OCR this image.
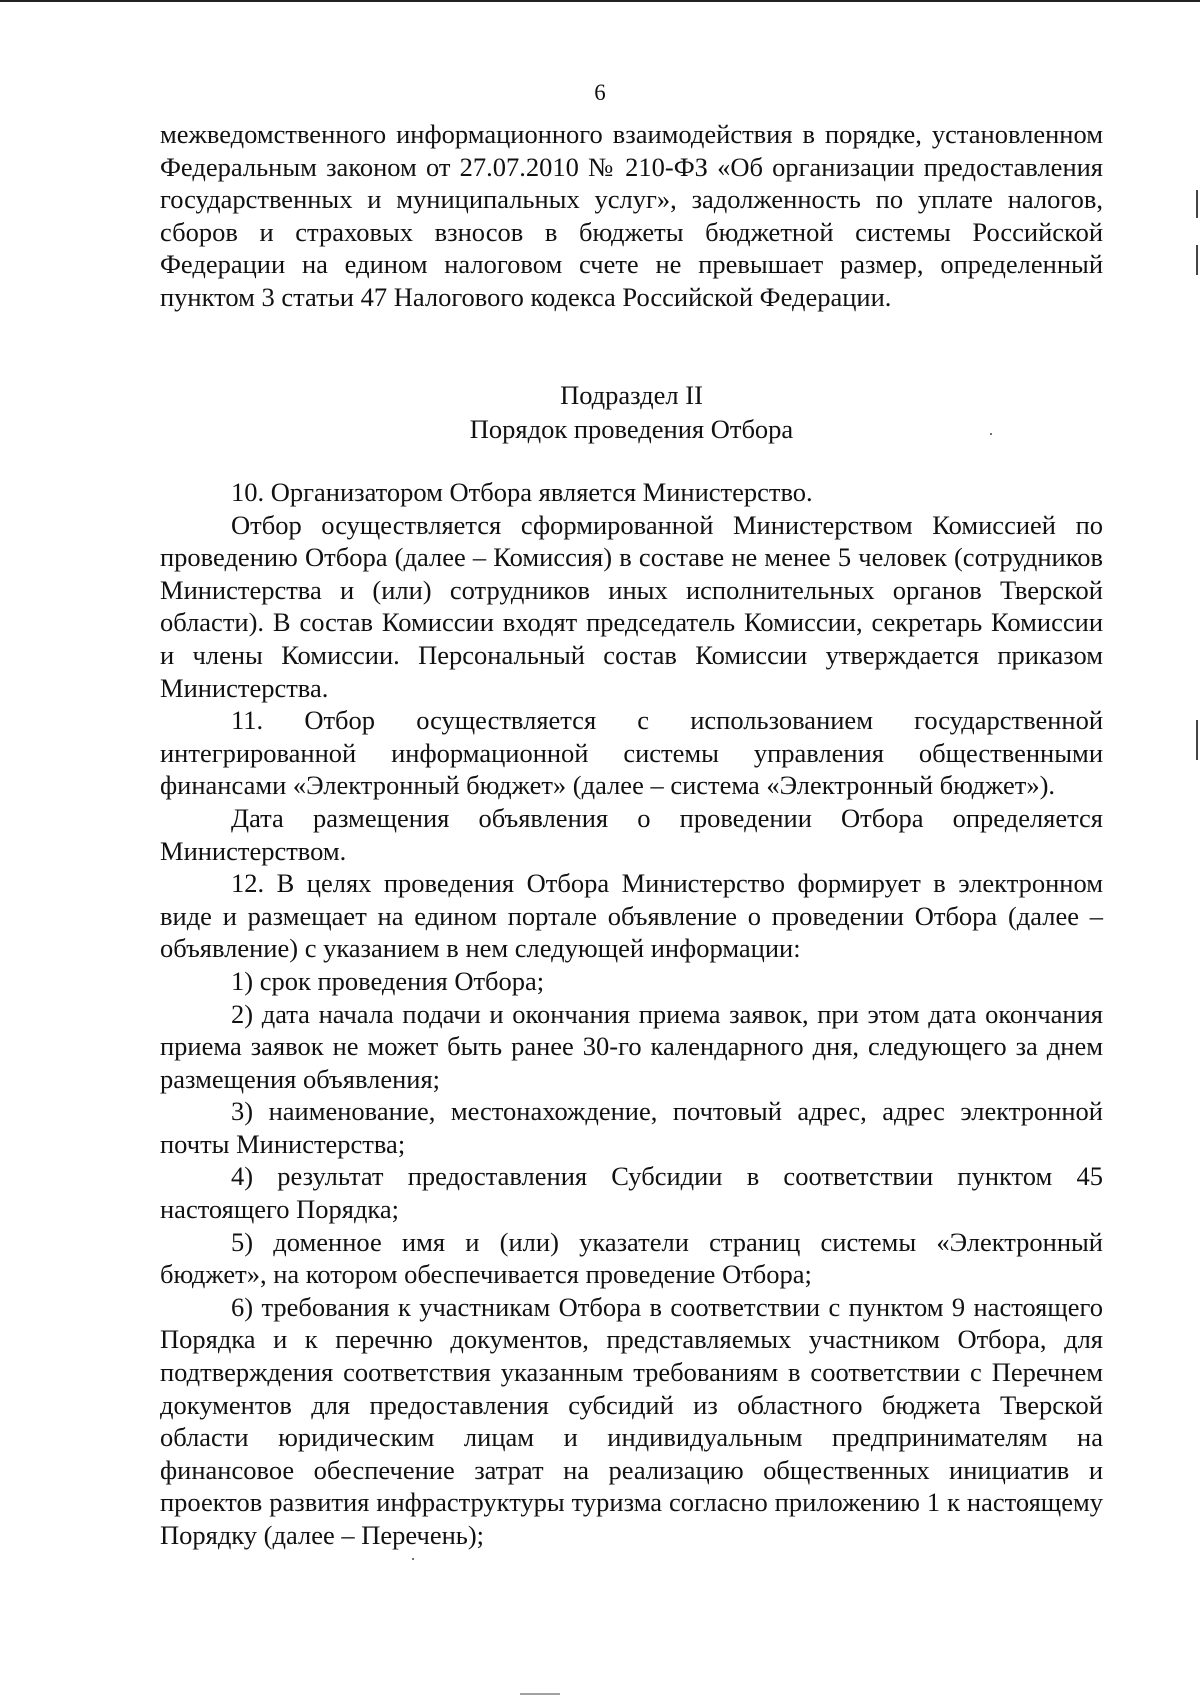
6

межведомственного информационного взаимодействия в порядке, установленном Федеральным законом от 27.07.2010 № 210-ФЗ «Об организации предоставления государственных и муниципальных услуг», задолженность по уплате налогов, сборов и страховых взносов в бюджеты бюджетной системы Российской Федерации на едином налоговом счете не превышает размер, определенный пунктом 3 статьи 47 Налогового кодекса Российской Федерации.

Подраздел II
Порядок проведения Отбора

10. Организатором Отбора является Министерство.

Отбор осуществляется сформированной Министерством Комиссией по проведению Отбора (далее – Комиссия) в составе не менее 5 человек (сотрудников Министерства и (или) сотрудников иных исполнительных органов Тверской области). В состав Комиссии входят председатель Комиссии, секретарь Комиссии и члены Комиссии. Персональный состав Комиссии утверждается приказом Министерства.

11. Отбор осуществляется с использованием государственной интегрированной информационной системы управления общественными финансами «Электронный бюджет» (далее – система «Электронный бюджет»).

Дата размещения объявления о проведении Отбора определяется Министерством.

12. В целях проведения Отбора Министерство формирует в электронном виде и размещает на едином портале объявление о проведении Отбора (далее – объявление) с указанием в нем следующей информации:

1) срок проведения Отбора;

2) дата начала подачи и окончания приема заявок, при этом дата окончания приема заявок не может быть ранее 30-го календарного дня, следующего за днем размещения объявления;

3) наименование, местонахождение, почтовый адрес, адрес электронной почты Министерства;

4) результат предоставления Субсидии в соответствии пунктом 45 настоящего Порядка;

5) доменное имя и (или) указатели страниц системы «Электронный бюджет», на котором обеспечивается проведение Отбора;

6) требования к участникам Отбора в соответствии с пунктом 9 настоящего Порядка и к перечню документов, представляемых участником Отбора, для подтверждения соответствия указанным требованиям в соответствии с Перечнем документов для предоставления субсидий из областного бюджета Тверской области юридическим лицам и индивидуальным предпринимателям на финансовое обеспечение затрат на реализацию общественных инициатив и проектов развития инфраструктуры туризма согласно приложению 1 к настоящему Порядку (далее – Перечень);
